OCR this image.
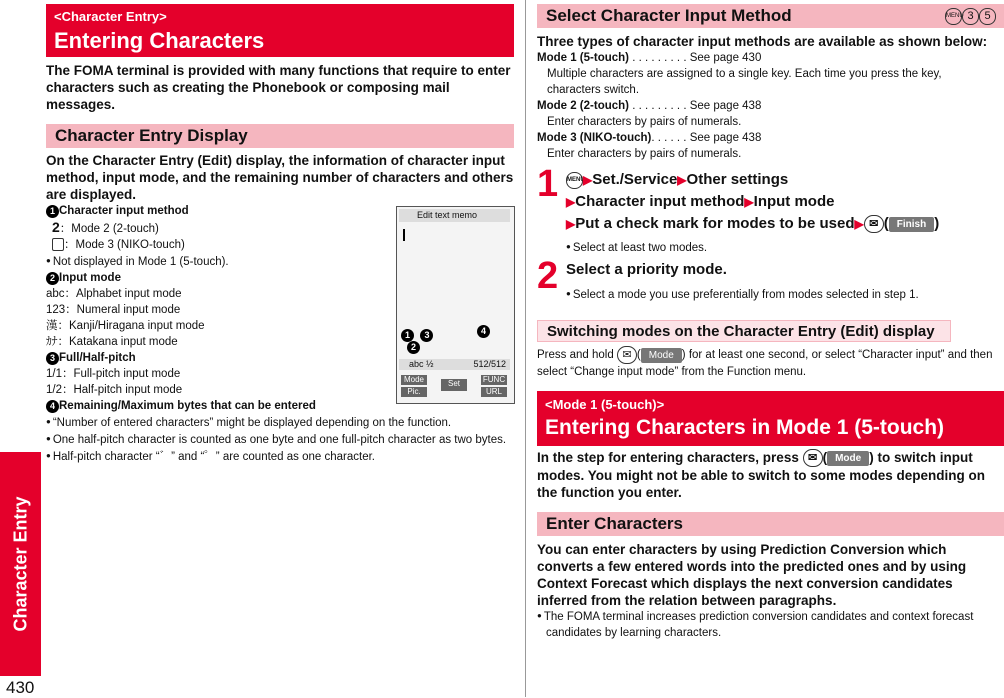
Character Entry
430
<Character Entry>
Entering Characters
The FOMA terminal is provided with many functions that require to enter characters such as creating the Phonebook or composing mail messages.
Character Entry Display
On the Character Entry (Edit) display, the information of character input method, input mode, and the remaining number of characters and others are displayed.
1 Character input method
2：Mode 2 (2-touch)
：Mode 3 (NIKO-touch)
● Not displayed in Mode 1 (5-touch).
2 Input mode
abc：Alphabet input mode
123：Numeral input mode
漢：Kanji/Hiragana input mode
ｶﾅ：Katakana input mode
3 Full/Half-pitch
1/1：Full-pitch input mode
1/2：Half-pitch input mode
4 Remaining/Maximum bytes that can be entered
● “Number of entered characters” might be displayed depending on the function.
● One half-pitch character is counted as one byte and one full-pitch character as two bytes.
● Half-pitch character “゛” and “゜” are counted as one character.
Edit text memo
1 3	4
2
abc ½	512/512
Mode	Set	FUNC
Pic.	URL
Select Character Input Method	MENU 3 5
Three types of character input methods are available as shown below:
Mode 1 (5-touch) . . . . . . . . . See page 430
Multiple characters are assigned to a single key. Each time you press the key, characters switch.
Mode 2 (2-touch) . . . . . . . . . See page 438
Enter characters by pairs of numerals.
Mode 3 (NIKO-touch). . . . . . See page 438
Enter characters by pairs of numerals.
1 MENU▶Set./Service▶Other settings
▶Character input method▶Input mode
▶Put a check mark for modes to be used▶✉ ( Finish )
● Select at least two modes.
2 Select a priority mode.
● Select a mode you use preferentially from modes selected in step 1.
Switching modes on the Character Entry (Edit) display
Press and hold ✉( Mode ) for at least one second, or select “Character input” and then select “Change input mode” from the Function menu.
<Mode 1 (5-touch)>
Entering Characters in Mode 1 (5-touch)
In the step for entering characters, press ✉( Mode ) to switch input modes. You might not be able to switch to some modes depending on the function you enter.
Enter Characters
You can enter characters by using Prediction Conversion which converts a few entered words into the predicted ones and by using Context Forecast which displays the next conversion candidates inferred from the relation between paragraphs.
● The FOMA terminal increases prediction conversion candidates and context forecast candidates by learning characters.
